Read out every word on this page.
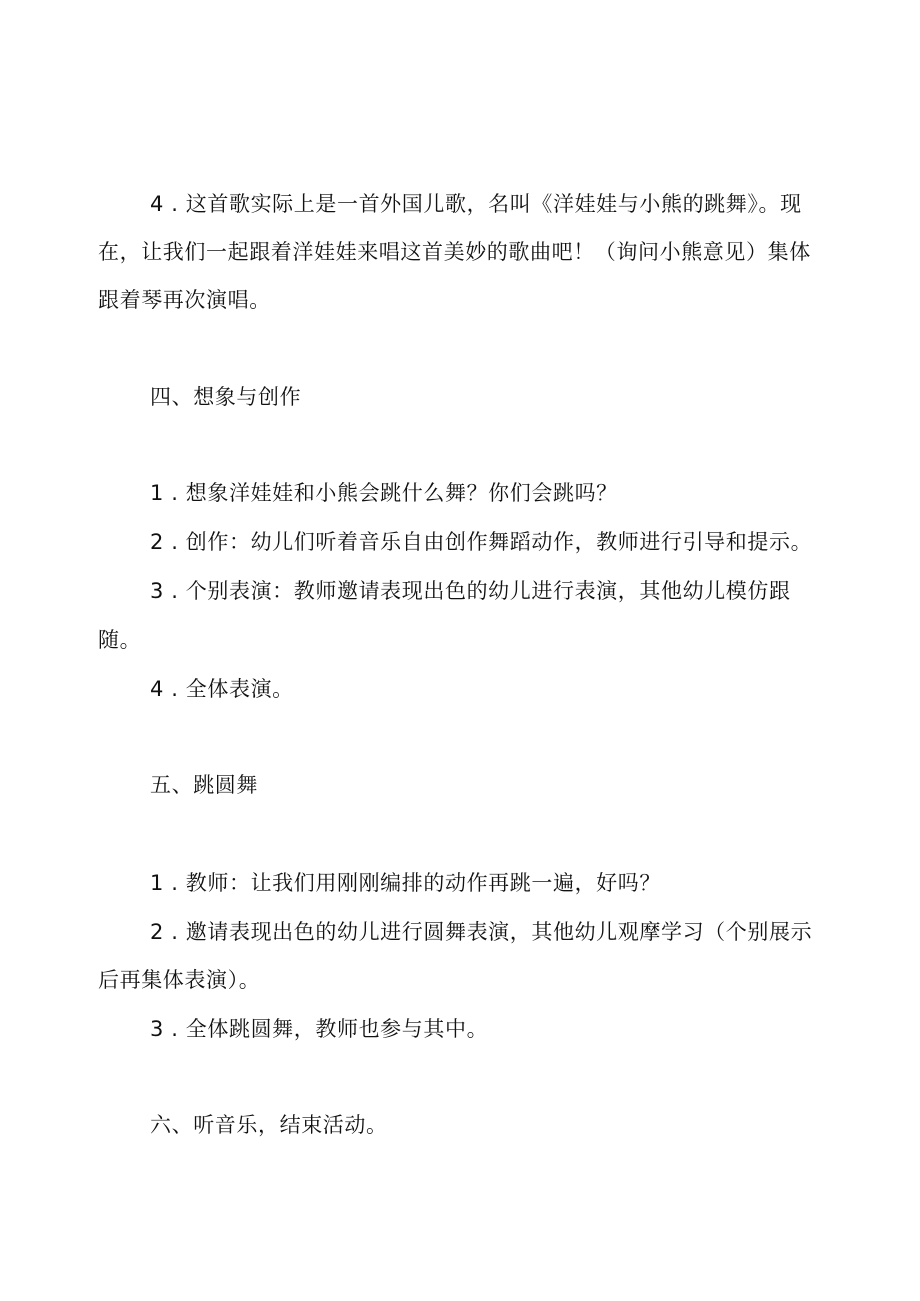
4 . 这首歌实际上是一首外国儿歌，名叫《洋娃娃与小熊的跳舞》。现
在，让我们一起跟着洋娃娃来唱这首美妙的歌曲吧！（询问小熊意见）集体
跟着琴再次演唱。
四、想象与创作
1 . 想象洋娃娃和小熊会跳什么舞？你们会跳吗？
2 . 创作：幼儿们听着音乐自由创作舞蹈动作，教师进行引导和提示。
3 . 个别表演：教师邀请表现出色的幼儿进行表演，其他幼儿模仿跟
随。
4 . 全体表演。
五、跳圆舞
1 . 教师：让我们用刚刚编排的动作再跳一遍，好吗？
2 . 邀请表现出色的幼儿进行圆舞表演，其他幼儿观摩学习（个别展示
后再集体表演）。
3 . 全体跳圆舞，教师也参与其中。
六、听音乐，结束活动。
